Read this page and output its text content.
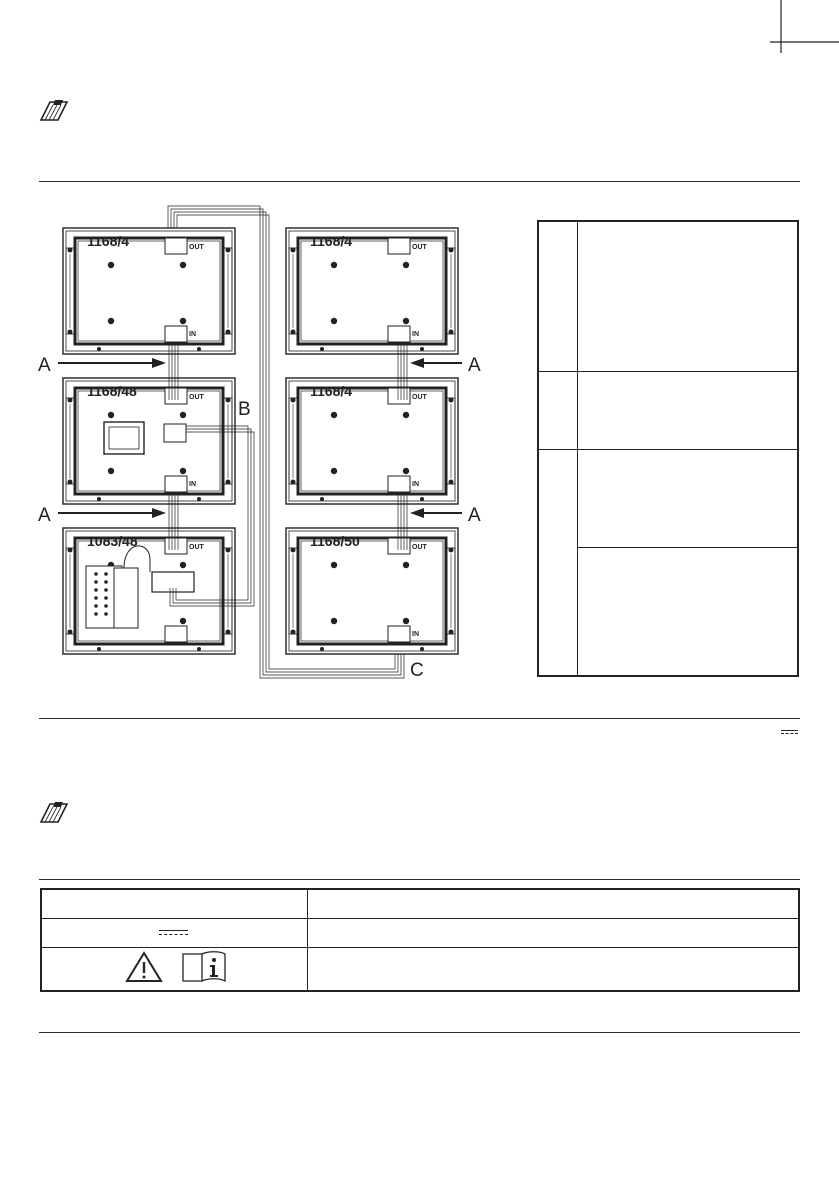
1168/4
1168/48
1083/48
1168/4
1168/4
1168/50
OUT
IN
OUT
IN
OUT
OUT
IN
OUT
IN
OUT
IN
A
A
A
A
B
C
